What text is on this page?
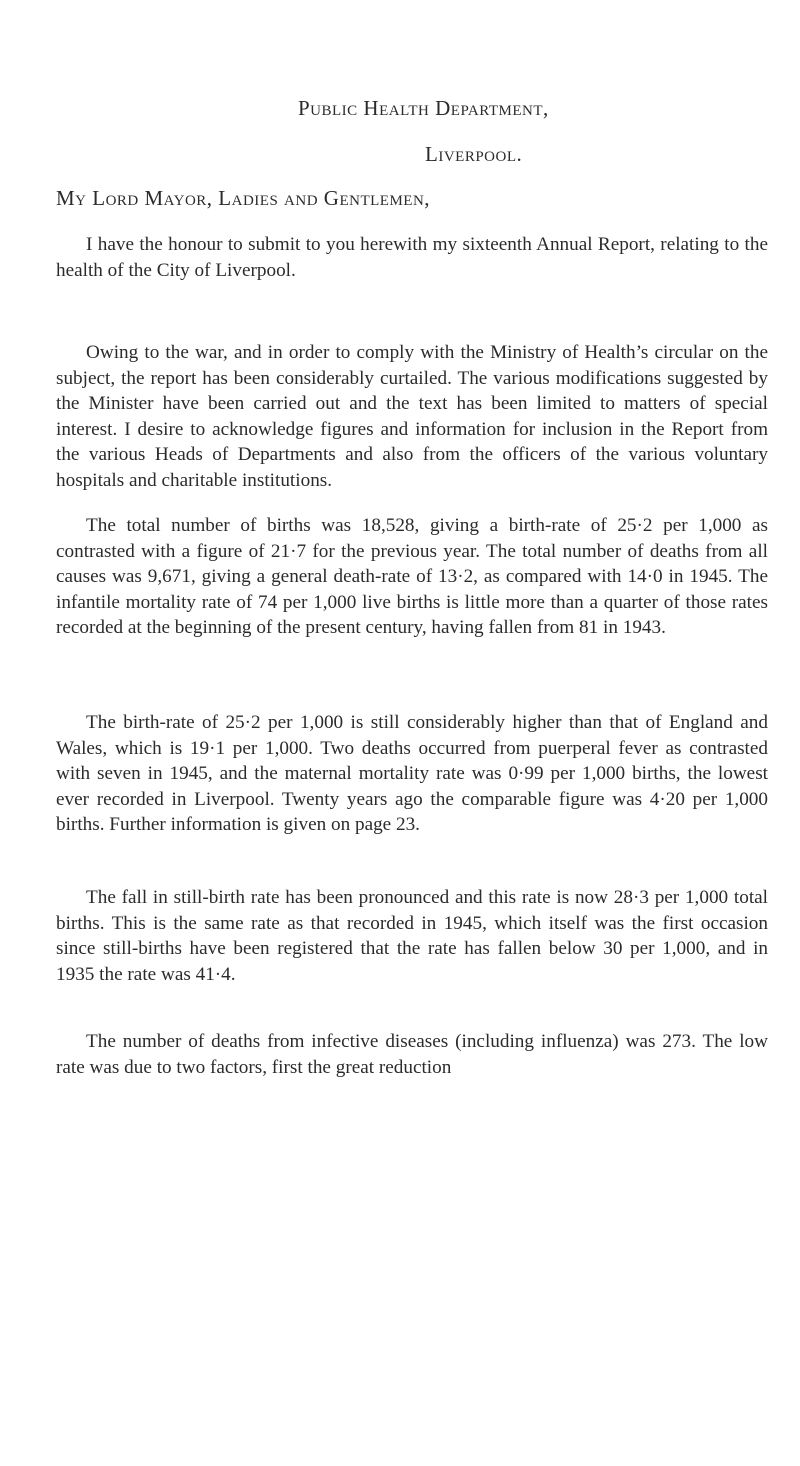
Public Health Department,
Liverpool.
My Lord Mayor, Ladies and Gentlemen,

I have the honour to submit to you herewith my sixteenth Annual Report, relating to the health of the City of Liverpool.

Owing to the war, and in order to comply with the Ministry of Health’s circular on the subject, the report has been considerably curtailed. The various modifications suggested by the Minister have been carried out and the text has been limited to matters of special interest. I desire to acknowledge figures and information for inclusion in the Report from the various Heads of Departments and also from the officers of the various voluntary hospitals and charitable institutions.

The total number of births was 18,528, giving a birth-rate of 25·2 per 1,000 as contrasted with a figure of 21·7 for the previous year. The total number of deaths from all causes was 9,671, giving a general death-rate of 13·2, as compared with 14·0 in 1945. The infantile mortality rate of 74 per 1,000 live births is little more than a quarter of those rates recorded at the beginning of the present century, having fallen from 81 in 1943.

The birth-rate of 25·2 per 1,000 is still considerably higher than that of England and Wales, which is 19·1 per 1,000. Two deaths occurred from puerperal fever as contrasted with seven in 1945, and the maternal mortality rate was 0·99 per 1,000 births, the lowest ever recorded in Liverpool. Twenty years ago the comparable figure was 4·20 per 1,000 births. Further information is given on page 23.

The fall in still-birth rate has been pronounced and this rate is now 28·3 per 1,000 total births. This is the same rate as that recorded in 1945, which itself was the first occasion since still-births have been registered that the rate has fallen below 30 per 1,000, and in 1935 the rate was 41·4.

The number of deaths from infective diseases (including influenza) was 273. The low rate was due to two factors, first the great reduction
